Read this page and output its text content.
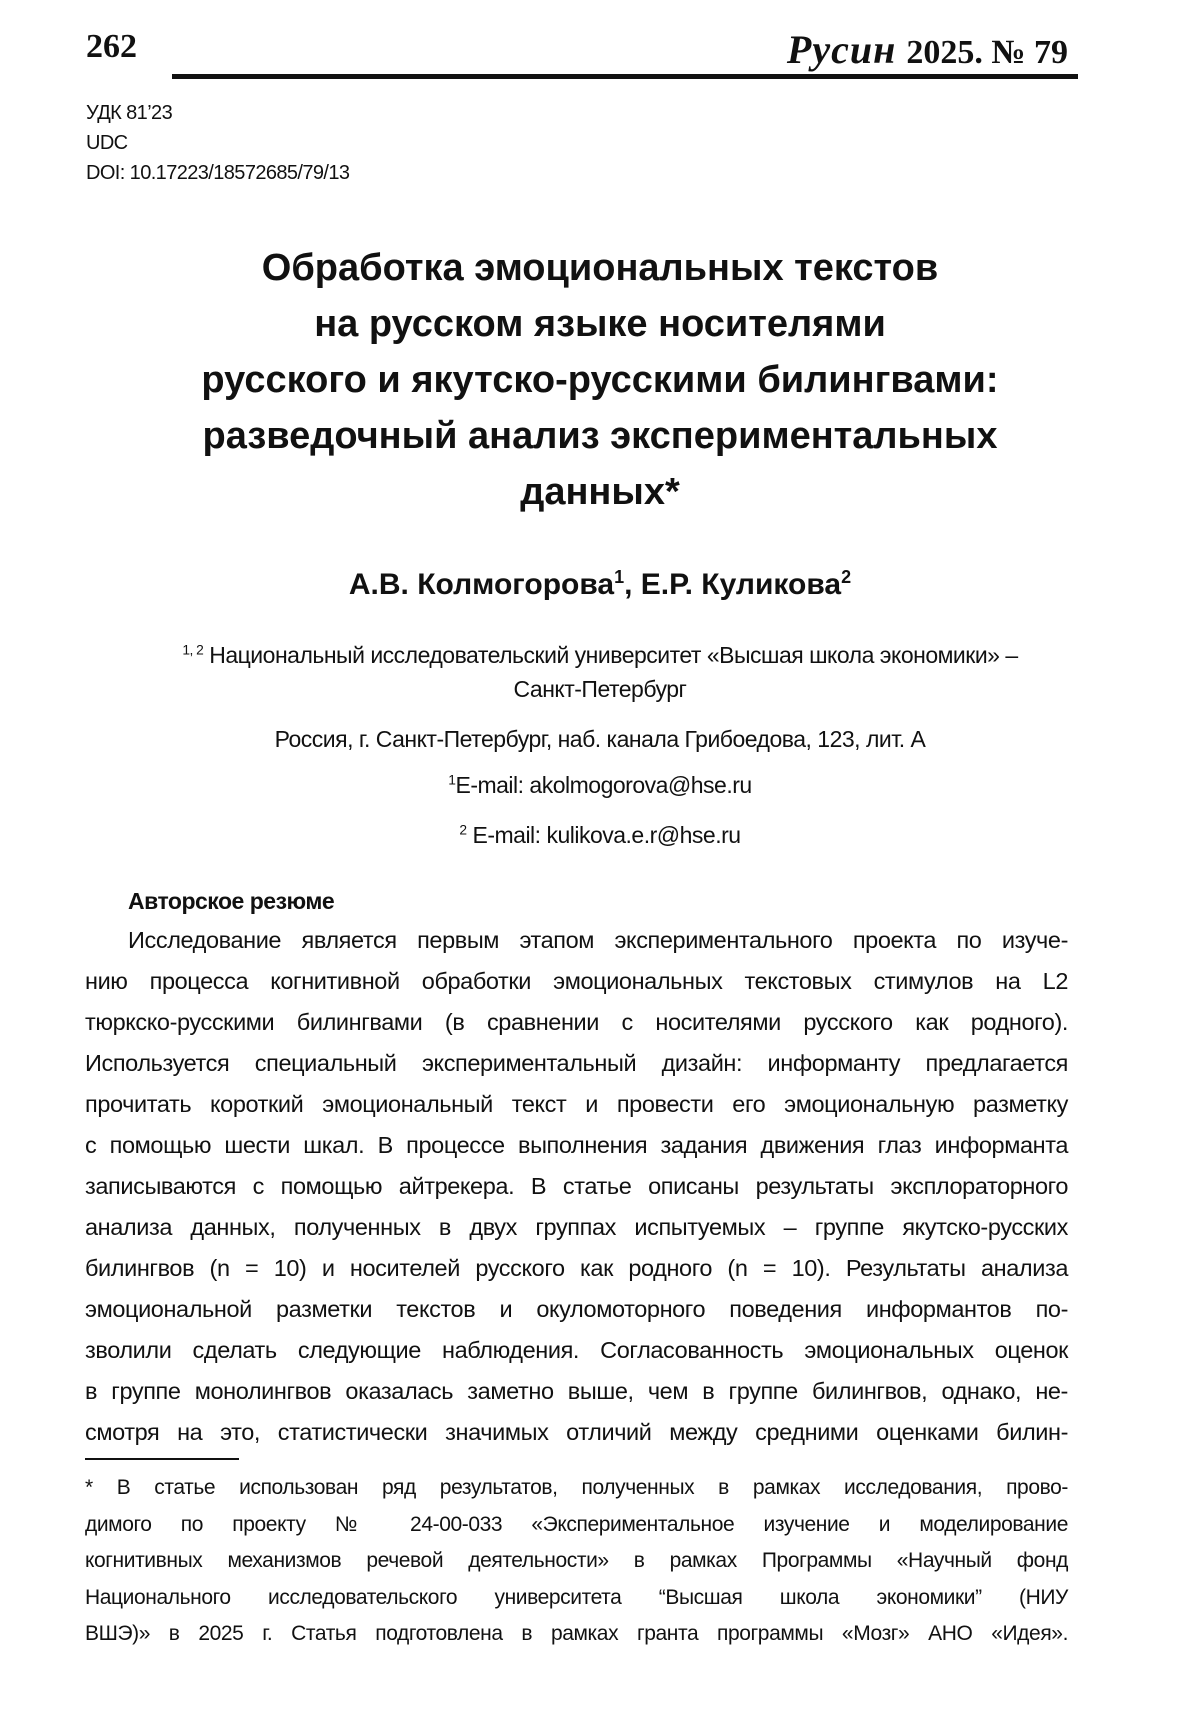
262	Русин 2025. № 79
УДК 81’23
UDC
DOI: 10.17223/18572685/79/13
Обработка эмоциональных текстов
на русском языке носителями
русского и якутско-русскими билингвами:
разведочный анализ экспериментальных
данных*
А.В. Колмогорова$^1$, Е.Р. Куликова$^2$
$^{1, 2}$ Национальный исследовательский университет «Высшая школа экономики» –
Санкт-Петербург
Россия, г. Санкт-Петербург, наб. канала Грибоедова, 123, лит. А
$^1$E-mail: akolmogorova@hse.ru
$^2$ E-mail: kulikova.e.r@hse.ru
Авторское резюме
Исследование является первым этапом экспериментального проекта по изуче-
нию процесса когнитивной обработки эмоциональных текстовых стимулов на L2
тюркско-русскими билингвами (в сравнении с носителями русского как родного).
Используется специальный экспериментальный дизайн: информанту предлагается
прочитать короткий эмоциональный текст и провести его эмоциональную разметку
с помощью шести шкал. В процессе выполнения задания движения глаз информанта
записываются с помощью айтрекера. В статье описаны результаты эксплораторного
анализа данных, полученных в двух группах испытуемых – группе якутско-русских
билингвов (n = 10) и носителей русского как родного (n = 10). Результаты анализа
эмоциональной разметки текстов и окуломоторного поведения информантов по-
зволили сделать следующие наблюдения. Согласованность эмоциональных оценок
в группе монолингвов оказалась заметно выше, чем в группе билингвов, однако, не-
смотря на это, статистически значимых отличий между средними оценками билин-
* В статье использован ряд результатов, полученных в рамках исследования, прово-
димого по проекту № 24-00-033 «Экспериментальное изучение и моделирование
когнитивных механизмов речевой деятельности» в рамках Программы «Научный фонд
Национального исследовательского университета “Высшая школа экономики” (НИУ
ВШЭ)» в 2025 г. Статья подготовлена в рамках гранта программы «Мозг» АНО «Идея».
